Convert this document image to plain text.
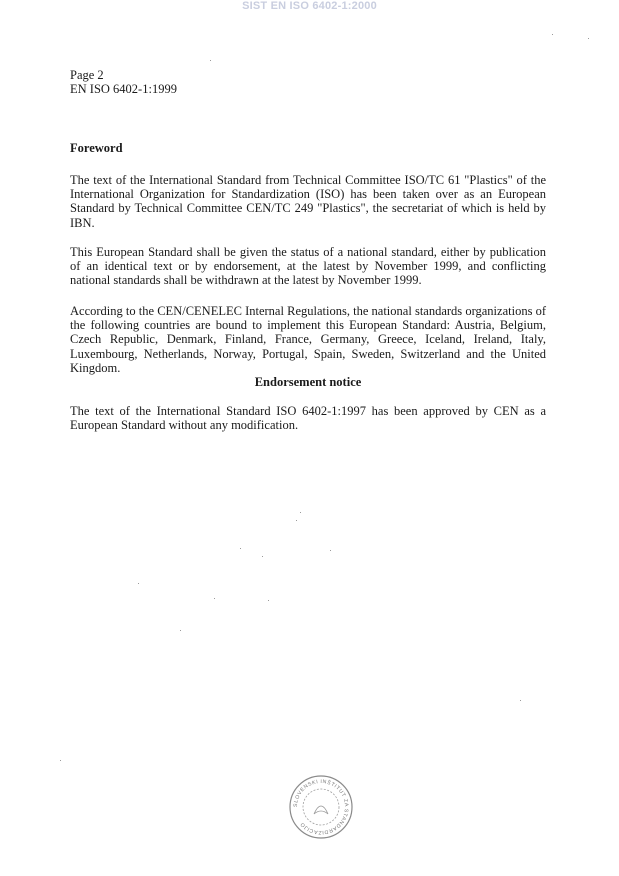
SIST EN ISO 6402-1:2000
Page 2
EN ISO 6402-1:1999
Foreword
The text of the International Standard from Technical Committee ISO/TC 61 "Plastics" of the International Organization for Standardization (ISO) has been taken over as an European Standard by Technical Committee CEN/TC 249 "Plastics", the secretariat of which is held by IBN.
This European Standard shall be given the status of a national standard, either by publication of an identical text or by endorsement, at the latest by November 1999, and conflicting national standards shall be withdrawn at the latest by November 1999.
According to the CEN/CENELEC Internal Regulations, the national standards organizations of the following countries are bound to implement this European Standard: Austria, Belgium, Czech Republic, Denmark, Finland, France, Germany, Greece, Iceland, Ireland, Italy, Luxembourg, Netherlands, Norway, Portugal, Spain, Sweden, Switzerland and the United Kingdom.
Endorsement notice
The text of the International Standard ISO 6402-1:1997 has been approved by CEN as a European Standard without any modification.
SLOVENSKI INŠTITUT ZA STANDARDIZACIJO
